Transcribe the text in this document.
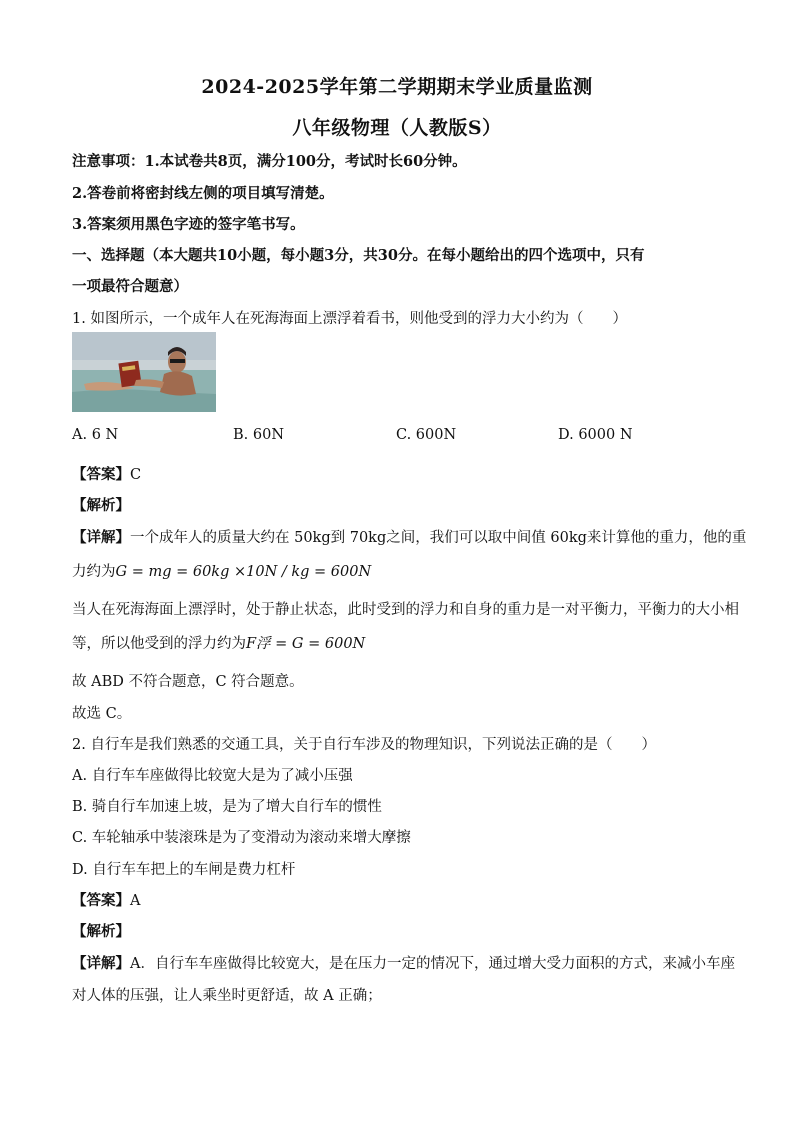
2024-2025学年第二学期期末学业质量监测
八年级物理（人教版S）
注意事项：1.本试卷共8页，满分100分，考试时长60分钟。
2.答卷前将密封线左侧的项目填写清楚。
3.答案须用黑色字迹的签字笔书写。
一、选择题（本大题共10小题，每小题3分，共30分。在每小题给出的四个选项中，只有
一项最符合题意）
1. 如图所示，一个成年人在死海海面上漂浮着看书，则他受到的浮力大小约为（　　）
A. 6 N	B. 60N	C. 600N	D. 6000 N
【答案】C
【解析】
【详解】一个成年人的质量大约在 50kg到 70kg之间，我们可以取中间值 60kg来计算他的重力，他的重
力约为G = mg = 60kg ×10N / kg = 600N
当人在死海海面上漂浮时，处于静止状态，此时受到的浮力和自身的重力是一对平衡力，平衡力的大小相
等，所以他受到的浮力约为F浮 = G = 600N
故 ABD 不符合题意，C 符合题意。
故选 C。
2. 自行车是我们熟悉的交通工具，关于自行车涉及的物理知识，下列说法正确的是（　　）
A. 自行车车座做得比较宽大是为了减小压强
B. 骑自行车加速上坡，是为了增大自行车的惯性
C. 车轮轴承中装滚珠是为了变滑动为滚动来增大摩擦
D. 自行车车把上的车闸是费力杠杆
【答案】A
【解析】
【详解】A．自行车车座做得比较宽大，是在压力一定的情况下，通过增大受力面积的方式，来减小车座
对人体的压强，让人乘坐时更舒适，故 A 正确；
